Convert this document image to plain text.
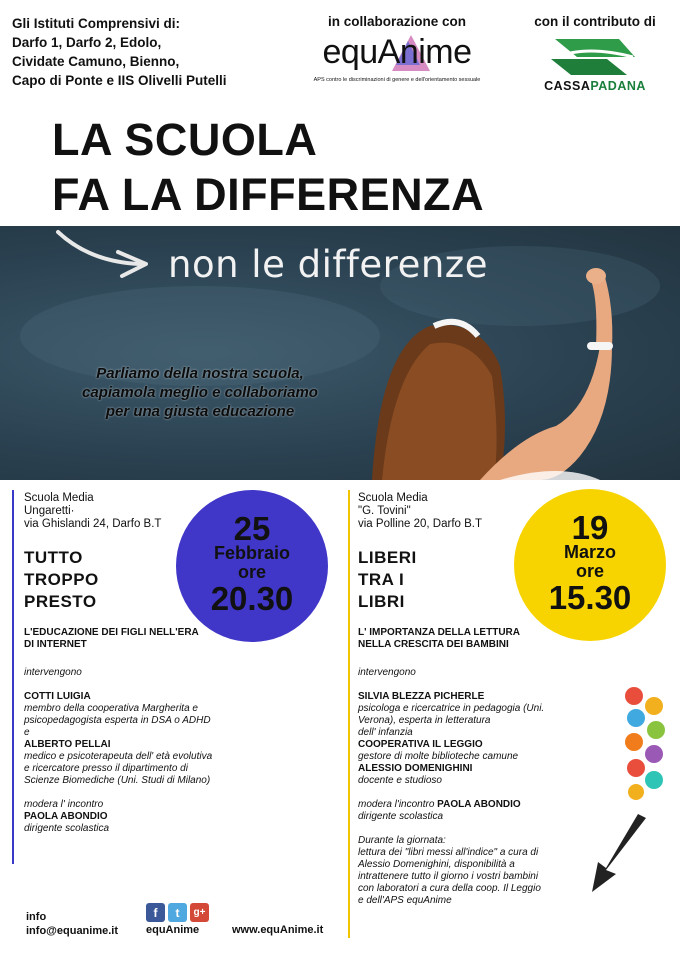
Gli Istituti Comprensivi di:
Darfo 1, Darfo 2, Edolo,
Cividate Camuno, Bienno,
Capo di Ponte e IIS Olivelli Putelli
in collaborazione con
equAnime
APS contro le discriminazioni di genere e dell'orientamento sessuale
con il contributo di
CASSAPADANA
LA SCUOLA
FA LA DIFFERENZA
non le differenze
Parliamo della nostra scuola,
capiamola meglio e collaboriamo
per una giusta educazione
Scuola Media
Ungaretti·
via Ghislandi 24, Darfo B.T
TUTTO
TROPPO
PRESTO
L'EDUCAZIONE DEI FIGLI NELL'ERA
DI INTERNET
intervengono
COTTI LUIGIA
membro della cooperativa Margherita e
psicopedagogista esperta in DSA o ADHD
e
ALBERTO PELLAI
medico e psicoterapeuta dell' età evolutiva
e ricercatore presso il dipartimento di
Scienze Biomediche (Uni. Studi di Milano)
modera l' incontro
PAOLA ABONDIO
dirigente scolastica
25
Febbraio
ore
20.30
Scuola Media
"G. Tovini"
via Polline 20, Darfo B.T
LIBERI
TRA I
LIBRI
L' IMPORTANZA DELLA LETTURA
NELLA CRESCITA DEI BAMBINI
intervengono
SILVIA BLEZZA PICHERLE
psicologa e ricercatrice in pedagogia (Uni.
Verona), esperta in letteratura
dell' infanzia
COOPERATIVA IL LEGGIO
gestore di molte biblioteche camune
ALESSIO DOMENIGHINI
docente e studioso
modera l'incontro PAOLA ABONDIO
dirigente scolastica
Durante la giornata:
lettura dei "libri messi all'indice" a cura di
Alessio Domenighini, disponibilità a
intrattenere tutto il giorno i vostri bambini
con laboratori a cura della coop. Il Leggio
e dell'APS equAnime
19
Marzo
ore
15.30
AREA BIMBI!
info
info@equanime.it
f	t	g+
equAnime	www.equAnime.it
